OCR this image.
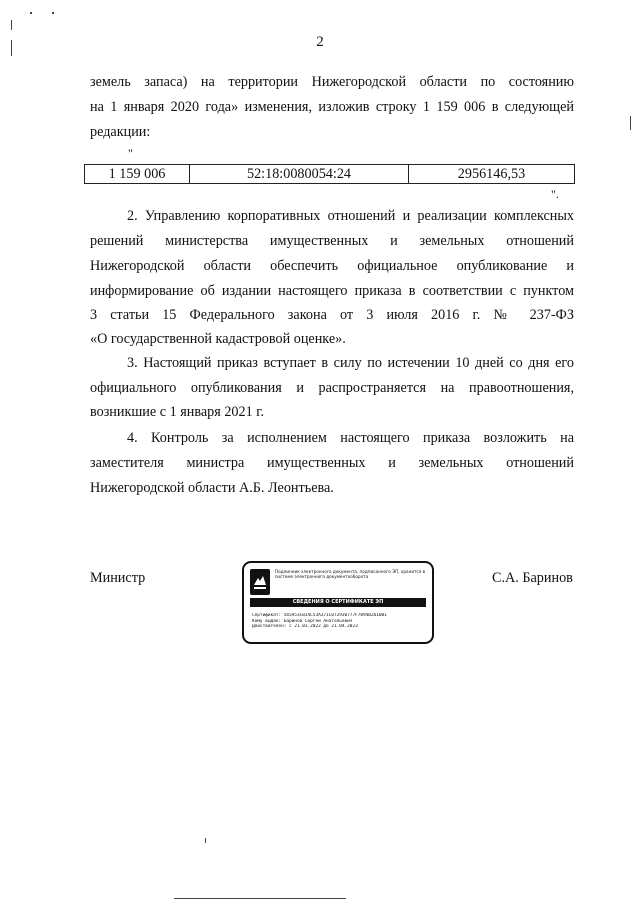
2
земель запаса) на территории Нижегородской области по состоянию
на 1 января 2020 года» изменения, изложив строку 1 159 006 в следующей
редакции:
"
1 159 006	52:18:0080054:24	2956146,53
".
2. Управлению корпоративных отношений и реализации комплексных
решений министерства имущественных и земельных отношений
Нижегородской области обеспечить официальное опубликование и
информирование об издании настоящего приказа в соответствии с пунктом
3 статьи 15 Федерального закона от 3 июля 2016 г. № 237-ФЗ
«О государственной кадастровой оценке».
3. Настоящий приказ вступает в силу по истечении 10 дней со дня его
официального опубликования и распространяется на правоотношения,
возникшие с 1 января 2021 г.
4. Контроль за исполнением настоящего приказа возложить на
заместителя министра имущественных и земельных отношений
Нижегородской области А.Б. Леонтьева.
Министр	С.А. Баринов
Подлинник электронного документа, подписанного ЭП, хранится в системе электронного документооборота
СВЕДЕНИЯ О СЕРТИФИКАТЕ ЭП
Сертификат: 565A53CB34C53A371C072930777F7094B2610B1
Кому выдан: Баринов Сергей Анатольевич
Действителен: с 21.01.2022 до 21.04.2023
